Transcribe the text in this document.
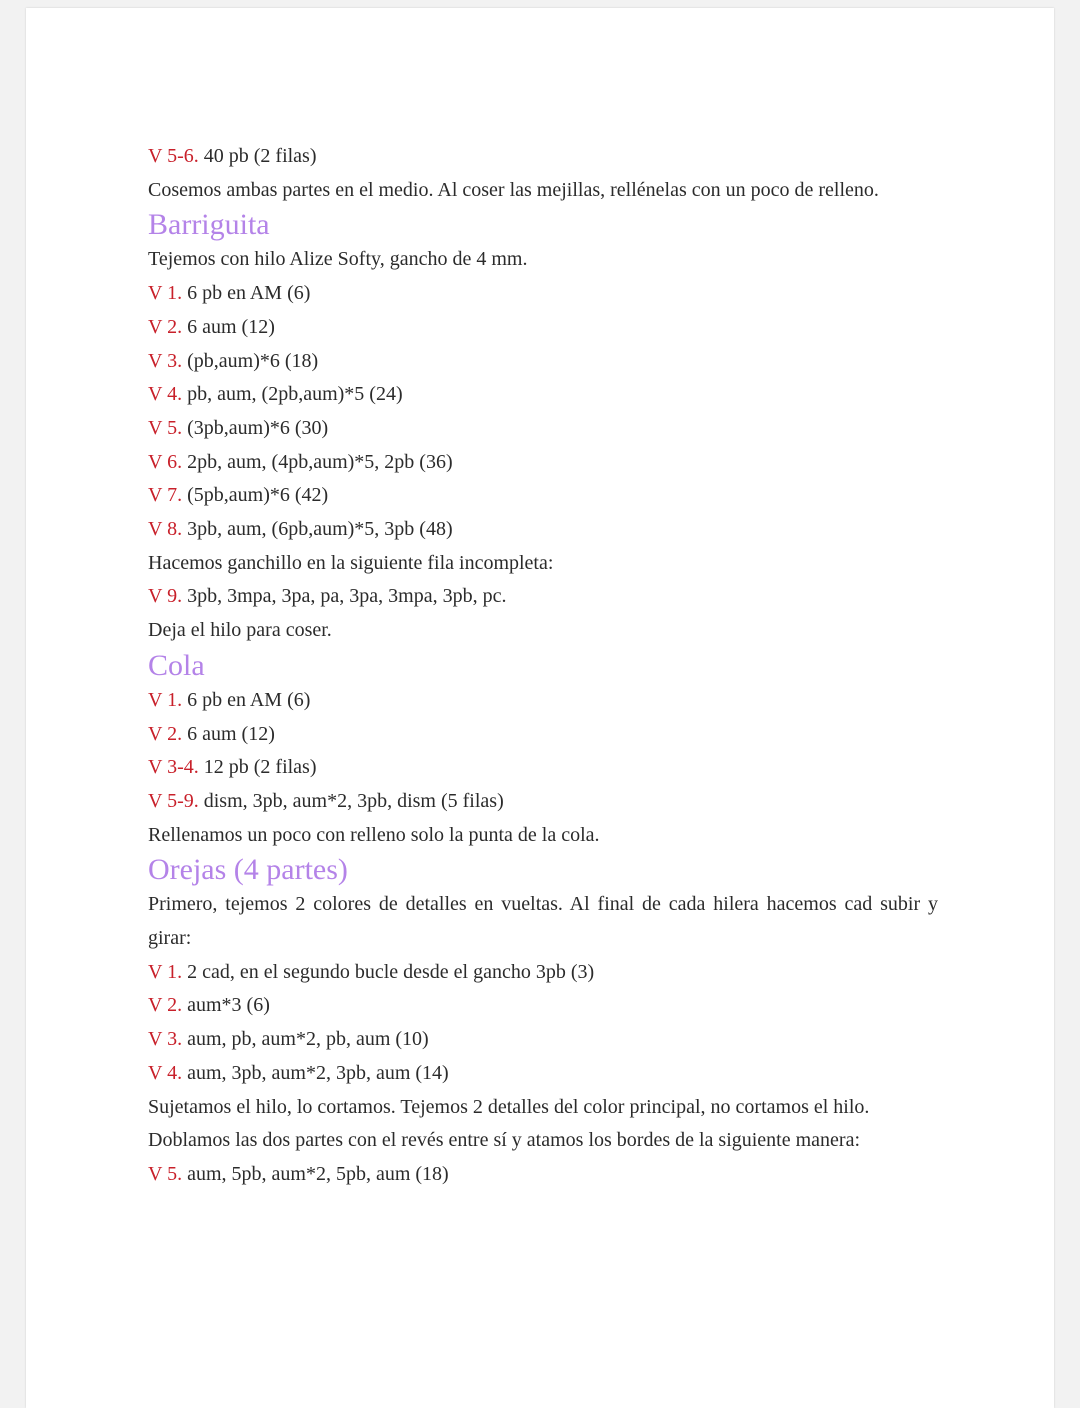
V 5-6. 40 pb (2 filas)

Cosemos ambas partes en el medio. Al coser las mejillas, rellénelas con un poco de relleno.

Barriguita

Tejemos con hilo Alize Softy, gancho de 4 mm.

V 1. 6 pb en AM (6)

V 2. 6 aum (12)

V 3. (pb,aum)*6 (18)

V 4. pb, aum, (2pb,aum)*5 (24)

V 5. (3pb,aum)*6 (30)

V 6. 2pb, aum, (4pb,aum)*5, 2pb (36)

V 7. (5pb,aum)*6 (42)

V 8. 3pb, aum, (6pb,aum)*5, 3pb (48)

Hacemos ganchillo en la siguiente fila incompleta:

V 9. 3pb, 3mpa, 3pa, pa, 3pa, 3mpa, 3pb, pc.

Deja el hilo para coser.

Cola

V 1. 6 pb en AM (6)

V 2. 6 aum (12)

V 3-4. 12 pb (2 filas)

V 5-9. dism, 3pb, aum*2, 3pb, dism (5 filas)

Rellenamos un poco con relleno solo la punta de la cola.

Orejas (4 partes)

Primero, tejemos 2 colores de detalles en vueltas. Al final de cada hilera hacemos cad subir y girar:

V 1. 2 cad, en el segundo bucle desde el gancho 3pb (3)

V 2. aum*3 (6)

V 3. aum, pb, aum*2, pb, aum (10)

V 4. aum, 3pb, aum*2, 3pb, aum (14)

Sujetamos el hilo, lo cortamos. Tejemos 2 detalles del color principal, no cortamos el hilo.

Doblamos las dos partes con el revés entre sí y atamos los bordes de la siguiente manera:

V 5. aum, 5pb, aum*2, 5pb, aum (18)
